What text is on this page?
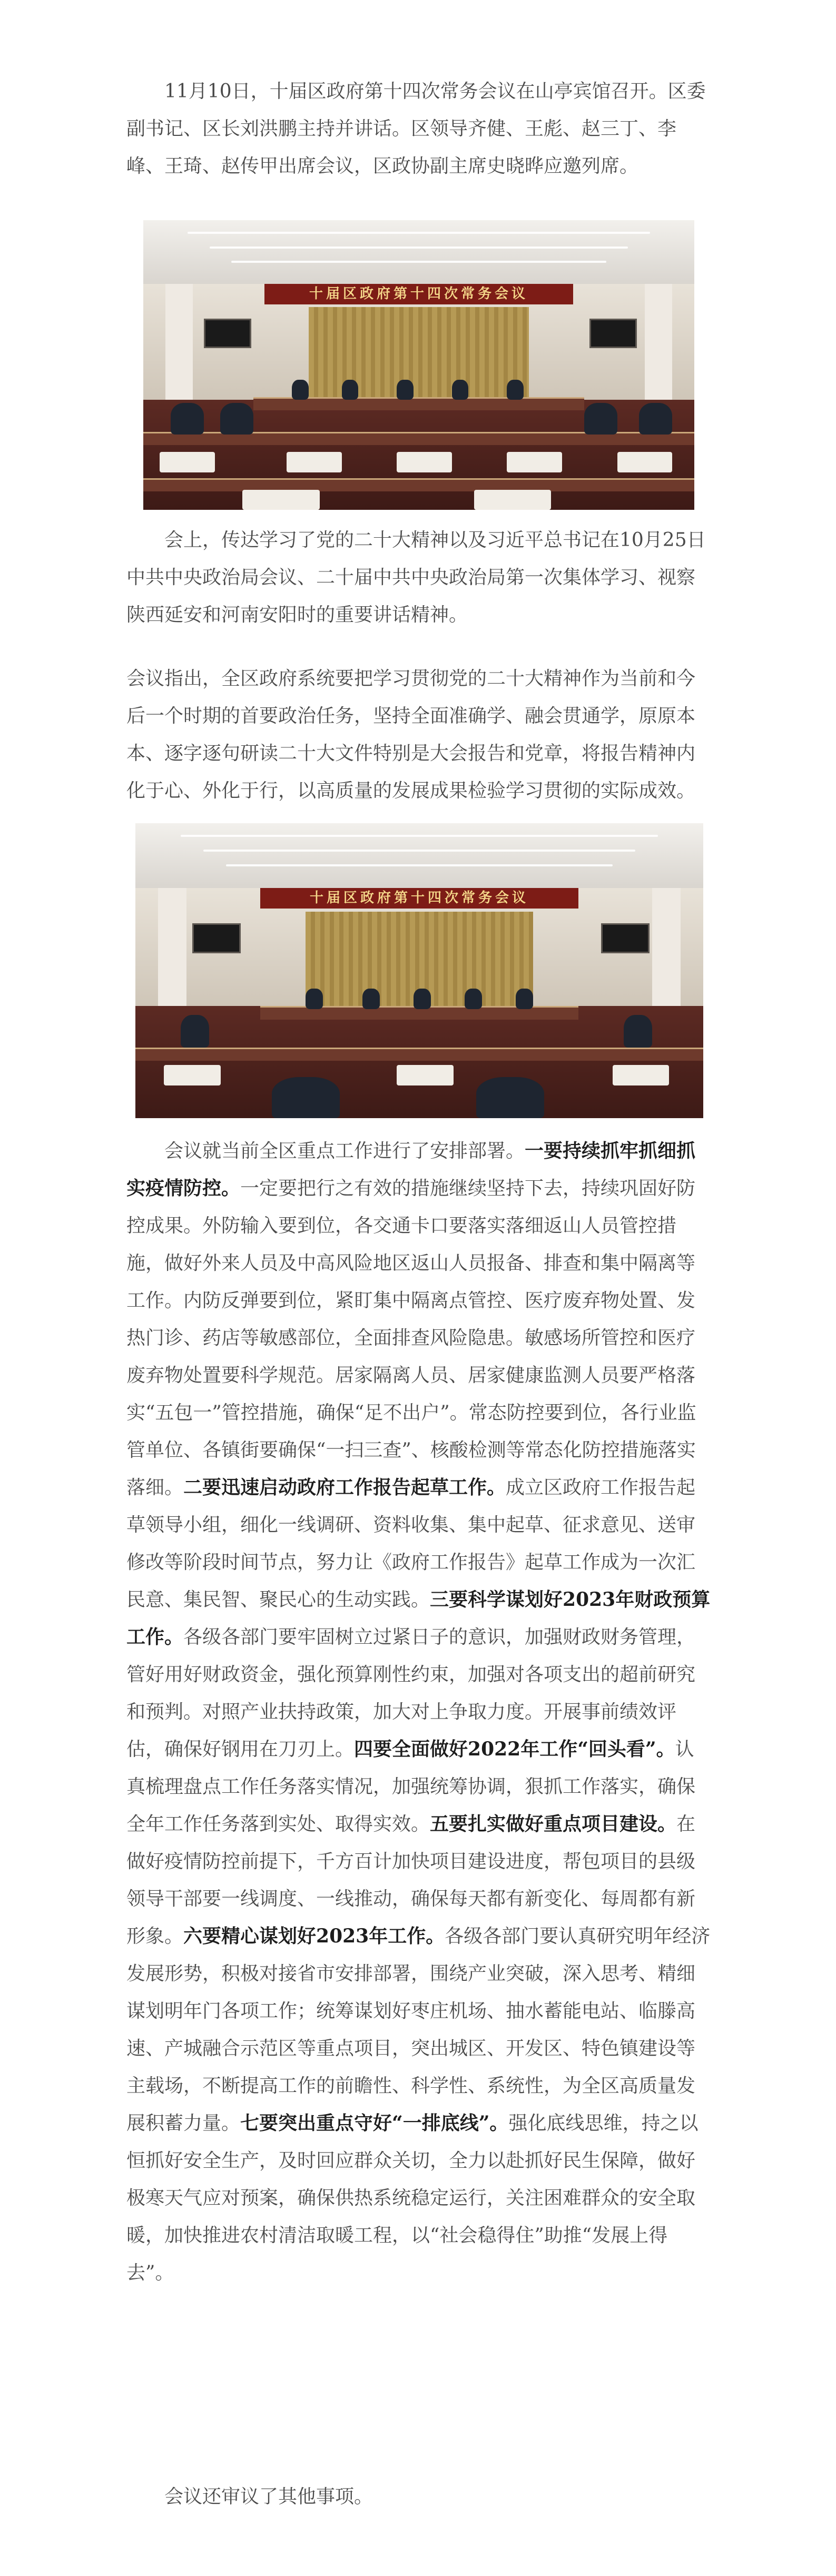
11月10日，十届区政府第十四次常务会议在山亭宾馆召开。区委副书记、区长刘洪鹏主持并讲话。区领导齐健、王彪、赵三丁、李峰、王琦、赵传甲出席会议，区政协副主席史晓晔应邀列席。

十届区政府第十四次常务会议

会上，传达学习了党的二十大精神以及习近平总书记在10月25日中共中央政治局会议、二十届中共中央政治局第一次集体学习、视察陕西延安和河南安阳时的重要讲话精神。

会议指出，全区政府系统要把学习贯彻党的二十大精神作为当前和今后一个时期的首要政治任务，坚持全面准确学、融会贯通学，原原本本、逐字逐句研读二十大文件特别是大会报告和党章，将报告精神内化于心、外化于行，以高质量的发展成果检验学习贯彻的实际成效。

十届区政府第十四次常务会议

会议就当前全区重点工作进行了安排部署。一要持续抓牢抓细抓实疫情防控。一定要把行之有效的措施继续坚持下去，持续巩固好防控成果。外防输入要到位，各交通卡口要落实落细返山人员管控措施，做好外来人员及中高风险地区返山人员报备、排查和集中隔离等工作。内防反弹要到位，紧盯集中隔离点管控、医疗废弃物处置、发热门诊、药店等敏感部位，全面排查风险隐患。敏感场所管控和医疗废弃物处置要科学规范。居家隔离人员、居家健康监测人员要严格落实“五包一”管控措施，确保“足不出户”。常态防控要到位，各行业监管单位、各镇街要确保“一扫三查”、核酸检测等常态化防控措施落实落细。二要迅速启动政府工作报告起草工作。成立区政府工作报告起草领导小组，细化一线调研、资料收集、集中起草、征求意见、送审修改等阶段时间节点，努力让《政府工作报告》起草工作成为一次汇民意、集民智、聚民心的生动实践。三要科学谋划好2023年财政预算工作。各级各部门要牢固树立过紧日子的意识，加强财政财务管理，管好用好财政资金，强化预算刚性约束，加强对各项支出的超前研究和预判。对照产业扶持政策，加大对上争取力度。开展事前绩效评估，确保好钢用在刀刃上。四要全面做好2022年工作“回头看”。认真梳理盘点工作任务落实情况，加强统筹协调，狠抓工作落实，确保全年工作任务落到实处、取得实效。五要扎实做好重点项目建设。在做好疫情防控前提下，千方百计加快项目建设进度，帮包项目的县级领导干部要一线调度、一线推动，确保每天都有新变化、每周都有新形象。六要精心谋划好2023年工作。各级各部门要认真研究明年经济发展形势，积极对接省市安排部署，围绕产业突破，深入思考、精细谋划明年门各项工作；统筹谋划好枣庄机场、抽水蓄能电站、临滕高速、产城融合示范区等重点项目，突出城区、开发区、特色镇建设等主载场，不断提高工作的前瞻性、科学性、系统性，为全区高质量发展积蓄力量。七要突出重点守好“一排底线”。强化底线思维，持之以恒抓好安全生产，及时回应群众关切，全力以赴抓好民生保障，做好极寒天气应对预案，确保供热系统稳定运行，关注困难群众的安全取暖，加快推进农村清洁取暖工程，以“社会稳得住”助推“发展上得去”。

会议还审议了其他事项。
